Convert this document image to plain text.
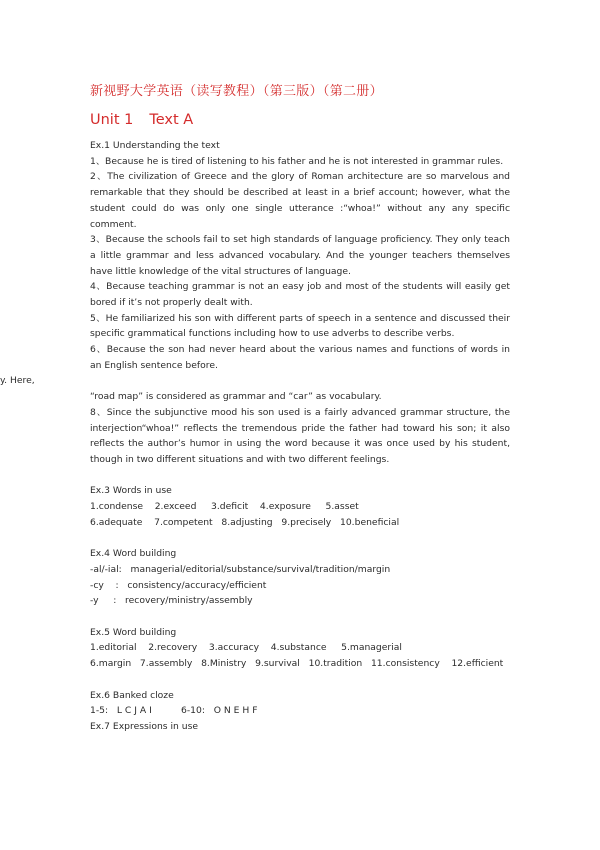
新视野大学英语（读写教程）（第三版）（第二册）
Unit 1 Text A
y. Here,

Ex.1 Understanding the text

1、Because he is tired of listening to his father and he is not interested in grammar rules.

2、The civilization of Greece and the glory of Roman architecture are so marvelous and remarkable that they should be described at least in a brief account; however, what the student could do was only one single utterance :“whoa!” without any any specific comment.

3、Because the schools fail to set high standards of language proficiency. They only teach a little grammar and less advanced vocabulary. And the younger teachers themselves have little knowledge of the vital structures of language.

4、Because teaching grammar is not an easy job and most of the students will easily get bored if it’s not properly dealt with.

5、He familiarized his son with different parts of speech in a sentence and discussed their specific grammatical functions including how to use adverbs to describe verbs.

6、Because the son had never heard about the various names and functions of words in an English sentence before.

“road map” is considered as grammar and “car” as vocabulary.

8、Since the subjunctive mood his son used is a fairly advanced grammar structure, the interjection“whoa!” reflects the tremendous pride the father had toward his son; it also reflects the author’s humor in using the word because it was once used by his student, though in two different situations and with two different feelings.

Ex.3 Words in use

1.condense    2.exceed     3.deficit    4.exposure     5.asset

6.adequate    7.competent   8.adjusting   9.precisely   10.beneficial

Ex.4 Word building

-al/-ial:   managerial/editorial/substance/survival/tradition/margin

-cy    :   consistency/accuracy/efficient

-y     :   recovery/ministry/assembly

Ex.5 Word building

1.editorial    2.recovery    3.accuracy    4.substance     5.managerial

6.margin   7.assembly   8.Ministry   9.survival   10.tradition   11.consistency    12.efficient

Ex.6 Banked cloze

1-5:   L C J A I          6-10:   O N E H F

Ex.7 Expressions in use
